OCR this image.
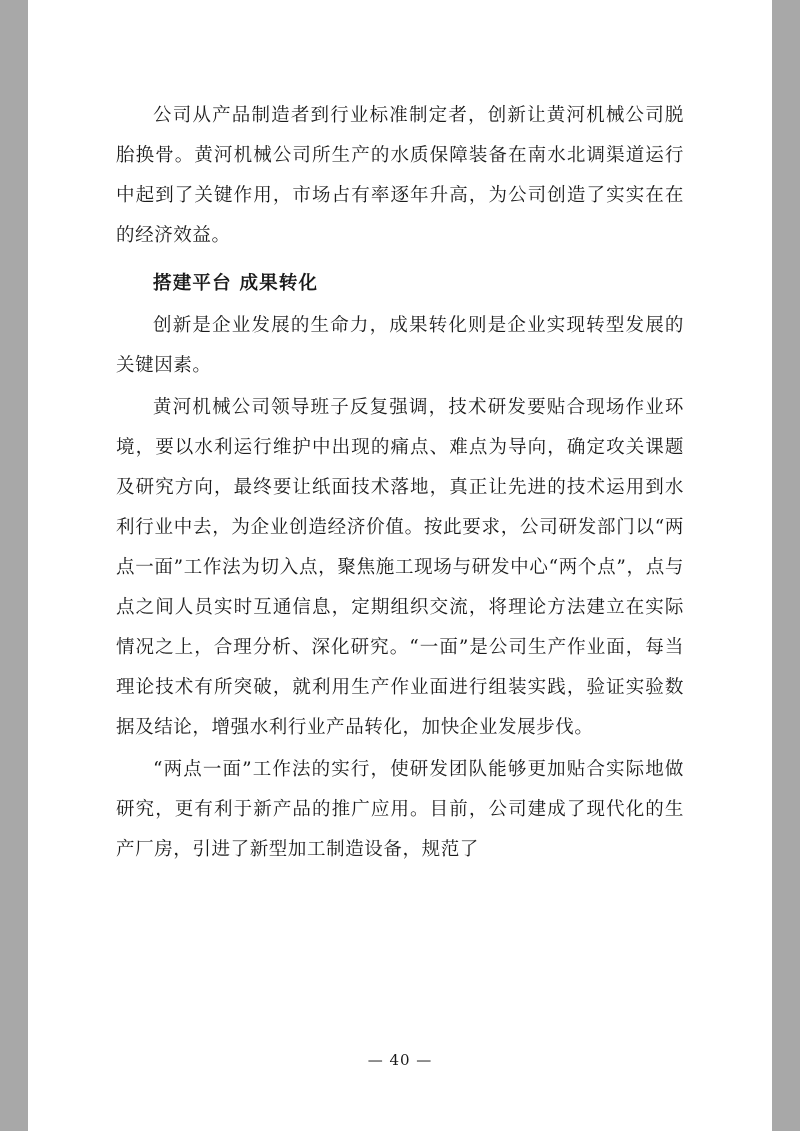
公司从产品制造者到行业标准制定者，创新让黄河机械公司脱胎换骨。黄河机械公司所生产的水质保障装备在南水北调渠道运行中起到了关键作用，市场占有率逐年升高，为公司创造了实实在在的经济效益。

搭建平台 成果转化

创新是企业发展的生命力，成果转化则是企业实现转型发展的关键因素。

黄河机械公司领导班子反复强调，技术研发要贴合现场作业环境，要以水利运行维护中出现的痛点、难点为导向，确定攻关课题及研究方向，最终要让纸面技术落地，真正让先进的技术运用到水利行业中去，为企业创造经济价值。按此要求，公司研发部门以“两点一面”工作法为切入点，聚焦施工现场与研发中心“两个点”，点与点之间人员实时互通信息，定期组织交流，将理论方法建立在实际情况之上，合理分析、深化研究。“一面”是公司生产作业面，每当理论技术有所突破，就利用生产作业面进行组装实践，验证实验数据及结论，增强水利行业产品转化，加快企业发展步伐。

“两点一面”工作法的实行，使研发团队能够更加贴合实际地做研究，更有利于新产品的推广应用。目前，公司建成了现代化的生产厂房，引进了新型加工制造设备，规范了

— 40 —
